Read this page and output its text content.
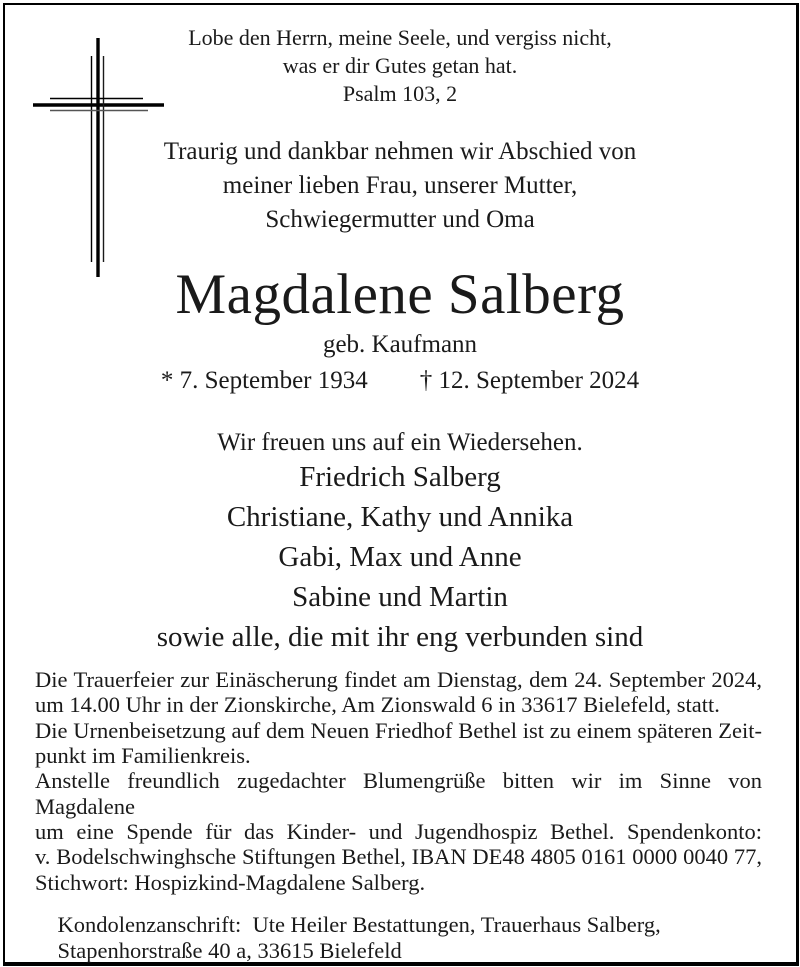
Lobe den Herrn, meine Seele, und vergiss nicht,
was er dir Gutes getan hat.
Psalm 103, 2
Traurig und dankbar nehmen wir Abschied von
meiner lieben Frau, unserer Mutter,
Schwiegermutter und Oma
Magdalene Salberg
geb. Kaufmann
* 7. September 1934 † 12. September 2024
Wir freuen uns auf ein Wiedersehen.
Friedrich Salberg
Christiane, Kathy und Annika
Gabi, Max und Anne
Sabine und Martin
sowie alle, die mit ihr eng verbunden sind
Die Trauerfeier zur Einäscherung findet am Dienstag, dem 24. September 2024,
um 14.00 Uhr in der Zionskirche, Am Zionswald 6 in 33617 Bielefeld, statt.
Die Urnenbeisetzung auf dem Neuen Friedhof Bethel ist zu einem späteren Zeit-
punkt im Familienkreis.
Anstelle freundlich zugedachter Blumengrüße bitten wir im Sinne von Magdalene
um eine Spende für das Kinder- und Jugendhospiz Bethel. Spendenkonto:
v. Bodelschwinghsche Stiftungen Bethel, IBAN DE48 4805 0161 0000 0040 77,
Stichwort: Hospizkind-Magdalene Salberg.

Kondolenzanschrift:  Ute Heiler Bestattungen, Trauerhaus Salberg,
Stapenhorstraße 40 a, 33615 Bielefeld
